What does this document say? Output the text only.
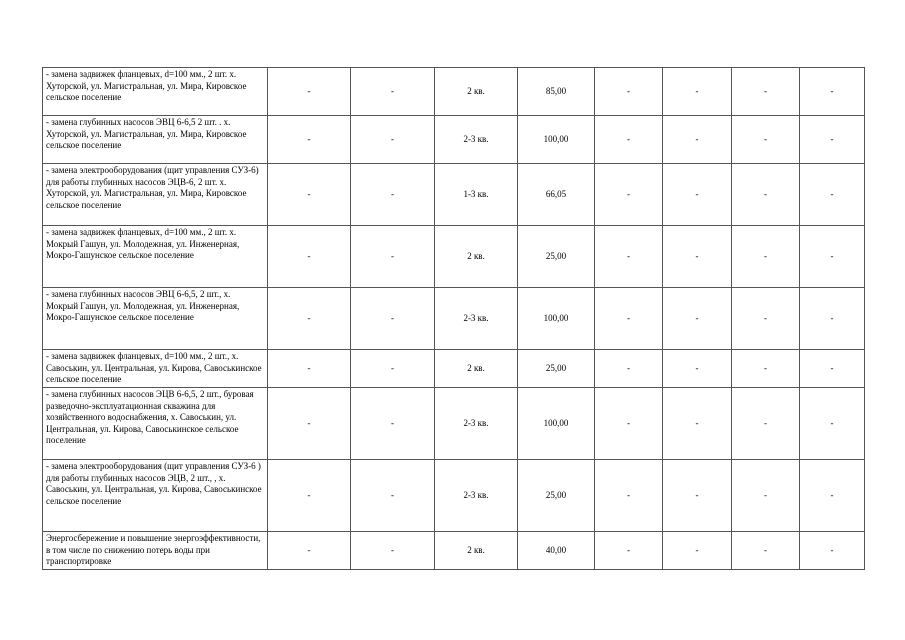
- замена задвижек фланцевых, d=100 мм., 2 шт. х. Хуторской, ул. Магистральная, ул. Мира, Кировское сельское поселение	-	-	2 кв.	85,00	-	-	-	-
- замена глубинных насосов ЭВЦ 6-6,5 2 шт. . х. Хуторской, ул. Магистральная, ул. Мира, Кировское сельское поселение	-	-	2-3 кв.	100,00	-	-	-	-
- замена электрооборудования (щит управления СУЗ-6) для работы глубинных насосов ЭЦВ-6, 2 шт. х. Хуторской, ул. Магистральная, ул. Мира, Кировское сельское поселение	-	-	1-3 кв.	66,05	-	-	-	-
- замена задвижек фланцевых, d=100 мм., 2 шт. х. Мокрый Гашун, ул. Молодежная, ул. Инженерная, Мокро-Гашунское сельское поселение	-	-	2 кв.	25,00	-	-	-	-
- замена глубинных насосов ЭВЦ 6-6,5, 2 шт., х. Мокрый Гашун, ул. Молодежная, ул. Инженерная, Мокро-Гашунское сельское поселение	-	-	2-3 кв.	100,00	-	-	-	-
- замена задвижек фланцевых, d=100 мм., 2 шт., х. Савоськин, ул. Центральная, ул. Кирова, Савоськинское сельское поселение	-	-	2 кв.	25,00	-	-	-	-
- замена глубинных насосов ЭЦВ 6-6,5, 2 шт., буровая разведочно-эксплуатационная скважина для хозяйственного водоснабжения, х. Савоськин, ул. Центральная, ул. Кирова, Савоськинское сельское поселение	-	-	2-3 кв.	100,00	-	-	-	-
- замена электрооборудования (щит управления СУЗ-6 ) для работы глубинных насосов ЭЦВ, 2 шт., , х. Савоськин, ул. Центральная, ул. Кирова, Савоськинское сельское поселение	-	-	2-3 кв.	25,00	-	-	-	-
Энергосбережение и повышение энергоэффективности, в том числе по снижению потерь воды при транспортировке	-	-	2 кв.	40,00	-	-	-	-
